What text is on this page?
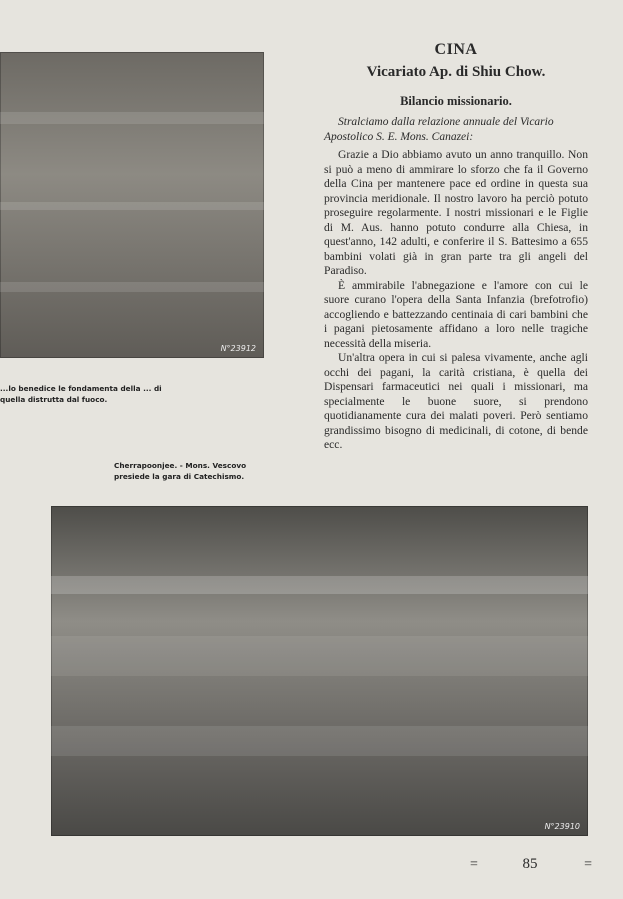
N°23912
...lo benedice le fondamenta della ... di quella distrutta dal fuoco.
Cherrapoonjee. - Mons. Vescovo presiede la gara di Catechismo.
CINA
Vicariato Ap. di Shiu Chow.
Bilancio missionario.

Stralciamo dalla relazione annuale del Vicario Apostolico S. E. Mons. Canazei:

Grazie a Dio abbiamo avuto un anno tranquillo. Non si può a meno di ammirare lo sforzo che fa il Governo della Cina per mantenere pace ed ordine in questa sua provincia meridionale. Il nostro lavoro ha perciò potuto proseguire regolarmente. I nostri missionari e le Figlie di M. Aus. hanno potuto condurre alla Chiesa, in quest'anno, 142 adulti, e conferire il S. Battesimo a 655 bambini volati già in gran parte tra gli angeli del Paradiso.

È ammirabile l'abnegazione e l'amore con cui le suore curano l'opera della Santa Infanzia (brefotrofio) accogliendo e battezzando centinaia di cari bambini che i pagani pietosamente affidano a loro nelle tragiche necessità della miseria.

Un'altra opera in cui si palesa vivamente, anche agli occhi dei pagani, la carità cristiana, è quella dei Dispensari farmaceutici nei quali i missionari, ma specialmente le buone suore, si prendono quotidianamente cura dei malati poveri. Però sentiamo grandissimo bisogno di medicinali, di cotone, di bende ecc.

N°23910
=	85	=
